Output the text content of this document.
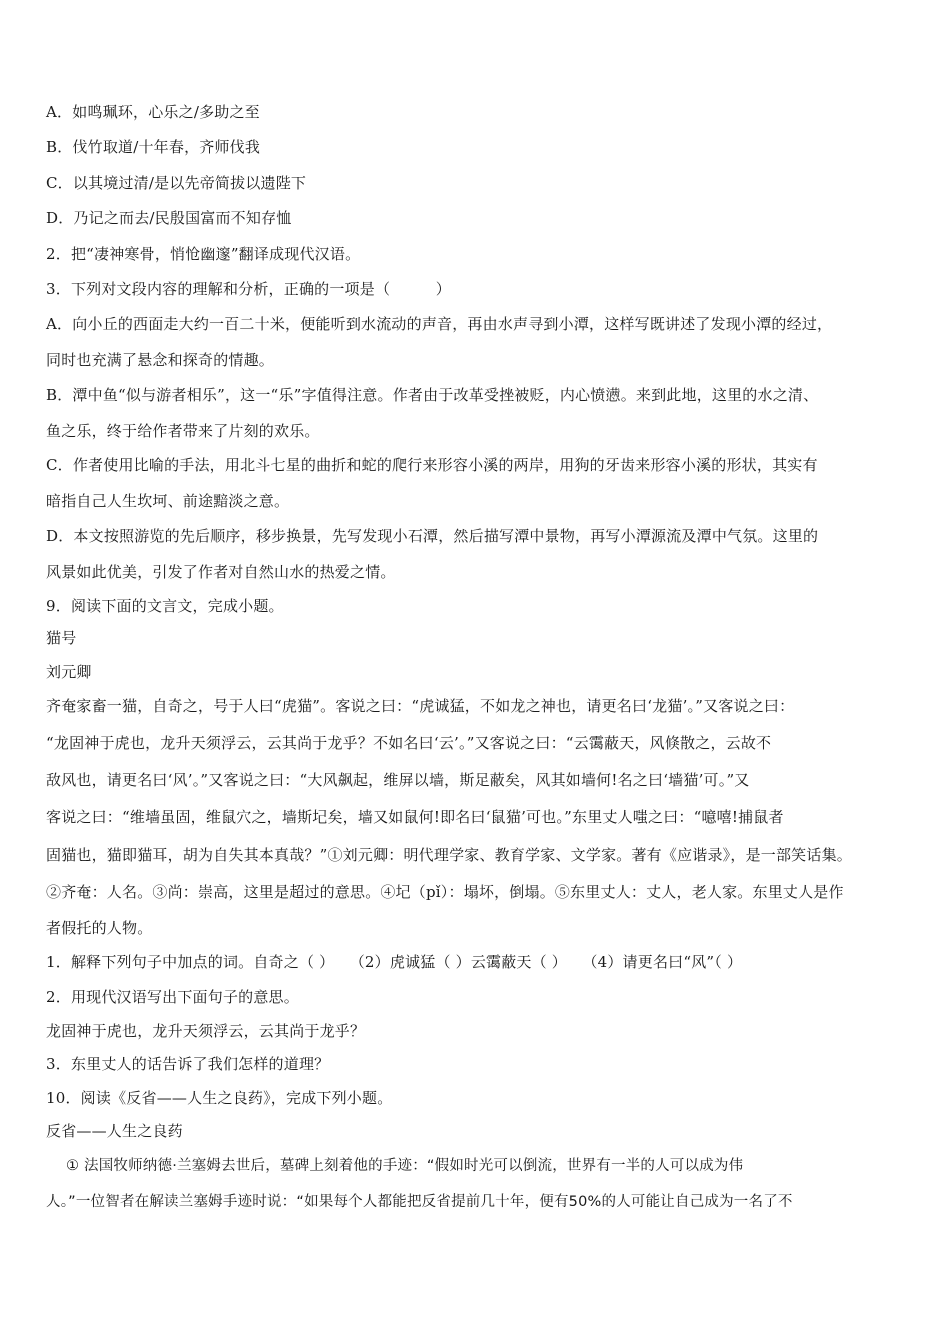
A．如鸣珮环，心乐之/多助之至
B．伐竹取道/十年春，齐师伐我
C．以其境过清/是以先帝简拔以遗陛下
D．乃记之而去/民殷国富而不知存恤
2．把“凄神寒骨，悄怆幽邃”翻译成现代汉语。
3．下列对文段内容的理解和分析，正确的一项是（　　　）
A．向小丘的西面走大约一百二十米，便能听到水流动的声音，再由水声寻到小潭，这样写既讲述了发现小潭的经过，
同时也充满了悬念和探奇的情趣。
B．潭中鱼“似与游者相乐”，这一“乐”字值得注意。作者由于改革受挫被贬，内心愤懑。来到此地，这里的水之清、
鱼之乐，终于给作者带来了片刻的欢乐。
C．作者使用比喻的手法，用北斗七星的曲折和蛇的爬行来形容小溪的两岸，用狗的牙齿来形容小溪的形状，其实有
暗指自己人生坎坷、前途黯淡之意。
D．本文按照游览的先后顺序，移步换景，先写发现小石潭，然后描写潭中景物，再写小潭源流及潭中气氛。这里的
风景如此优美，引发了作者对自然山水的热爱之情。
9．阅读下面的文言文，完成小题。
猫号
刘元卿
齐奄家畜一猫，自奇之，号于人曰“虎猫”。客说之曰：“虎诚猛，不如龙之神也，请更名曰‘龙猫’。”又客说之曰：
“龙固神于虎也，龙升天须浮云，云其尚于龙乎？不如名曰‘云’。”又客说之曰：“云霭蔽天，风倏散之，云故不
敌风也，请更名曰‘风’。”又客说之曰：“大风飙起，维屏以墙，斯足蔽矣，风其如墙何!名之曰‘墙猫’可。”又
客说之曰：“维墙虽固，维鼠穴之，墙斯圮矣，墙又如鼠何!即名曰‘鼠猫’可也。”东里丈人嗤之曰：“噫嘻!捕鼠者
固猫也，猫即猫耳，胡为自失其本真哉？”①刘元卿：明代理学家、教育学家、文学家。著有《应谐录》，是一部笑话集。
②齐奄：人名。③尚：崇高，这里是超过的意思。④圮（pǐ）：塌坏，倒塌。⑤东里丈人：丈人，老人家。东里丈人是作
者假托的人物。
1．解释下列句子中加点的词。自奇之（ ）　　（2）虎诚猛（ ）云霭蔽天（ ）　　（4）请更名曰“风”（ ）
2．用现代汉语写出下面句子的意思。
龙固神于虎也，龙升天须浮云，云其尚于龙乎？
3．东里丈人的话告诉了我们怎样的道理？
10．阅读《反省——人生之良药》，完成下列小题。
反省——人生之良药
① 法国牧师纳德·兰塞姆去世后，墓碑上刻着他的手迹：“假如时光可以倒流，世界有一半的人可以成为伟
人。”一位智者在解读兰塞姆手迹时说：“如果每个人都能把反省提前几十年，便有50%的人可能让自己成为一名了不
